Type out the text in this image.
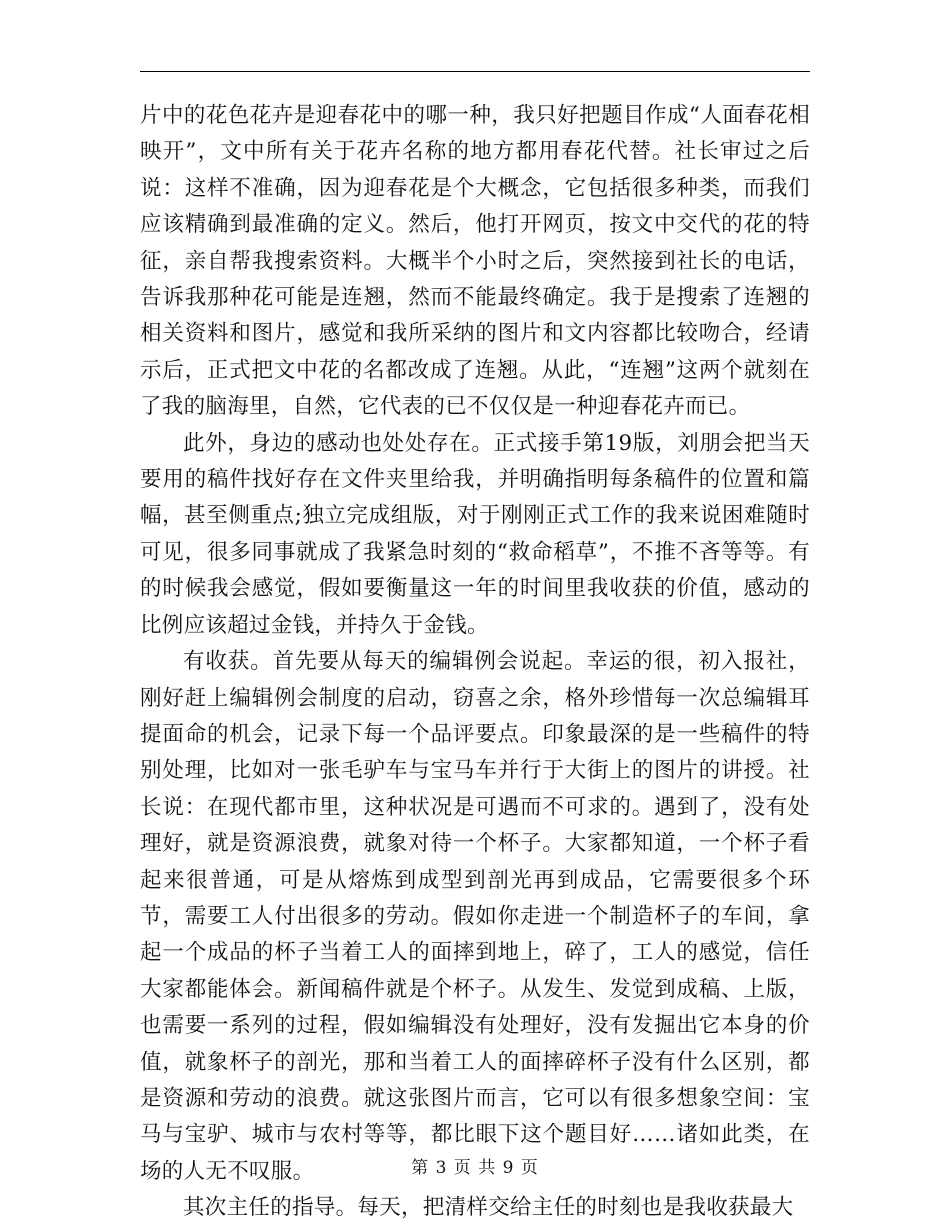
片中的花色花卉是迎春花中的哪一种，我只好把题目作成“人面春花相映开”，文中所有关于花卉名称的地方都用春花代替。社长审过之后说：这样不准确，因为迎春花是个大概念，它包括很多种类，而我们应该精确到最准确的定义。然后，他打开网页，按文中交代的花的特征，亲自帮我搜索资料。大概半个小时之后，突然接到社长的电话，告诉我那种花可能是连翘，然而不能最终确定。我于是搜索了连翘的相关资料和图片，感觉和我所采纳的图片和文内容都比较吻合，经请示后，正式把文中花的名都改成了连翘。从此，“连翘”这两个就刻在了我的脑海里，自然，它代表的已不仅仅是一种迎春花卉而已。

此外，身边的感动也处处存在。正式接手第19版，刘朋会把当天要用的稿件找好存在文件夹里给我，并明确指明每条稿件的位置和篇幅，甚至侧重点;独立完成组版，对于刚刚正式工作的我来说困难随时可见，很多同事就成了我紧急时刻的“救命稻草”，不推不吝等等。有的时候我会感觉，假如要衡量这一年的时间里我收获的价值，感动的比例应该超过金钱，并持久于金钱。

有收获。首先要从每天的编辑例会说起。幸运的很，初入报社，刚好赶上编辑例会制度的启动，窃喜之余，格外珍惜每一次总编辑耳提面命的机会，记录下每一个品评要点。印象最深的是一些稿件的特别处理，比如对一张毛驴车与宝马车并行于大街上的图片的讲授。社长说：在现代都市里，这种状况是可遇而不可求的。遇到了，没有处理好，就是资源浪费，就象对待一个杯子。大家都知道，一个杯子看起来很普通，可是从熔炼到成型到剖光再到成品，它需要很多个环节，需要工人付出很多的劳动。假如你走进一个制造杯子的车间，拿起一个成品的杯子当着工人的面摔到地上，碎了，工人的感觉，信任大家都能体会。新闻稿件就是个杯子。从发生、发觉到成稿、上版，也需要一系列的过程，假如编辑没有处理好，没有发掘出它本身的价值，就象杯子的剖光，那和当着工人的面摔碎杯子没有什么区别，都是资源和劳动的浪费。就这张图片而言，它可以有很多想象空间：宝马与宝驴、城市与农村等等，都比眼下这个题目好……诸如此类，在场的人无不叹服。

其次主任的指导。每天，把清样交给主任的时刻也是我收获最大

第 3 页 共 9 页
